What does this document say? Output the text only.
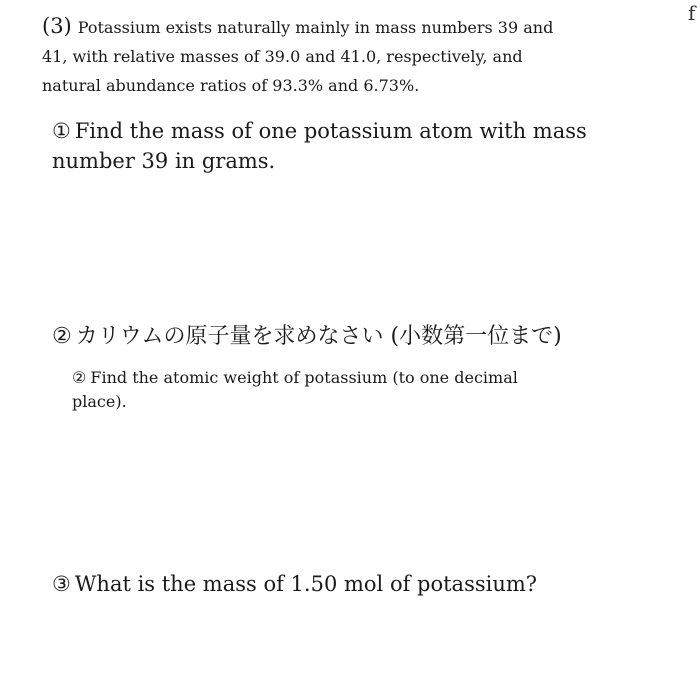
f
(3) Potassium exists naturally mainly in mass numbers 39 and
41, with relative masses of 39.0 and 41.0, respectively, and
natural abundance ratios of 93.3% and 6.73%.
① Find the mass of one potassium atom with mass
number 39 in grams.
② カリウムの原子量を求めなさい (小数第一位まで)
② Find the atomic weight of potassium (to one decimal
place).
③ What is the mass of 1.50 mol of potassium?
